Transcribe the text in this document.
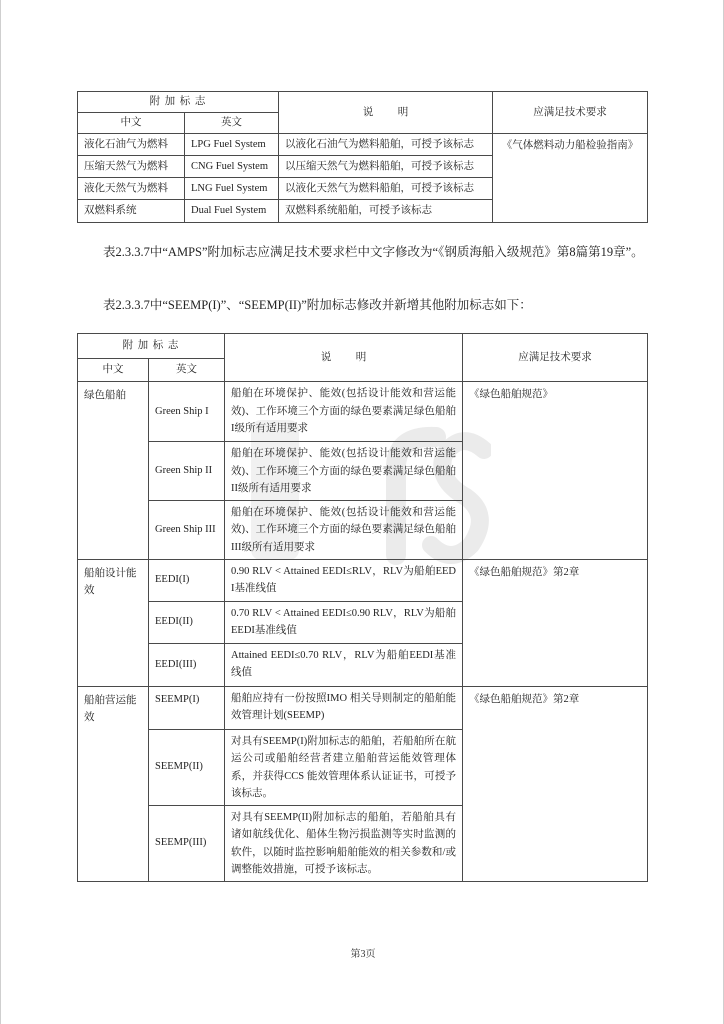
附 加 标 志		说 明	应满足技术要求
中文	英文		
液化石油气为燃料	LPG Fuel System	以液化石油气为燃料船舶，可授予该标志	《气体燃料动力船检验指南》
压缩天然气为燃料	CNG Fuel System	以压缩天然气为燃料船舶，可授予该标志	
液化天然气为燃料	LNG Fuel System	以液化天然气为燃料船舶，可授予该标志	
双燃料系统	Dual Fuel System	双燃料系统船舶，可授予该标志	

表2.3.3.7中“AMPS”附加标志应满足技术要求栏中文字修改为“《钢质海船入级规范》第8篇第19章”。

表2.3.3.7中“SEEMP(I)”、“SEEMP(II)”附加标志修改并新增其他附加标志如下：

附 加 标 志		说 明	应满足技术要求
中文	英文		
绿色船舶	Green Ship I	船舶在环境保护、能效(包括设计能效和营运能效)、工作环境三个方面的绿色要素满足绿色船舶I级所有适用要求	《绿色船舶规范》
	Green Ship II	船舶在环境保护、能效(包括设计能效和营运能效)、工作环境三个方面的绿色要素满足绿色船舶II级所有适用要求	
	Green Ship III	船舶在环境保护、能效(包括设计能效和营运能效)、工作环境三个方面的绿色要素满足绿色船舶III级所有适用要求	
船舶设计能效	EEDI(I)	0.90 RLV < Attained EEDI≤RLV，RLV为船舶EEDI基准线值	《绿色船舶规范》第2章
	EEDI(II)	0.70 RLV < Attained EEDI≤0.90 RLV，RLV为船舶EEDI基准线值	
	EEDI(III)	Attained EEDI≤0.70 RLV，RLV为船舶EEDI基准线值	
船舶营运能效	SEEMP(I)	船舶应持有一份按照IMO 相关导则制定的船舶能效管理计划(SEEMP)	《绿色船舶规范》第2章
	SEEMP(II)	对具有SEEMP(I)附加标志的船舶，若船舶所在航运公司或船舶经营者建立船舶营运能效管理体系，并获得CCS 能效管理体系认证证书，可授予该标志。	
	SEEMP(III)	对具有SEEMP(II)附加标志的船舶，若船舶具有诸如航线优化、船体生物污损监测等实时监测的软件，以随时监控影响船舶能效的相关参数和/或调整能效措施，可授予该标志。	
第3页
